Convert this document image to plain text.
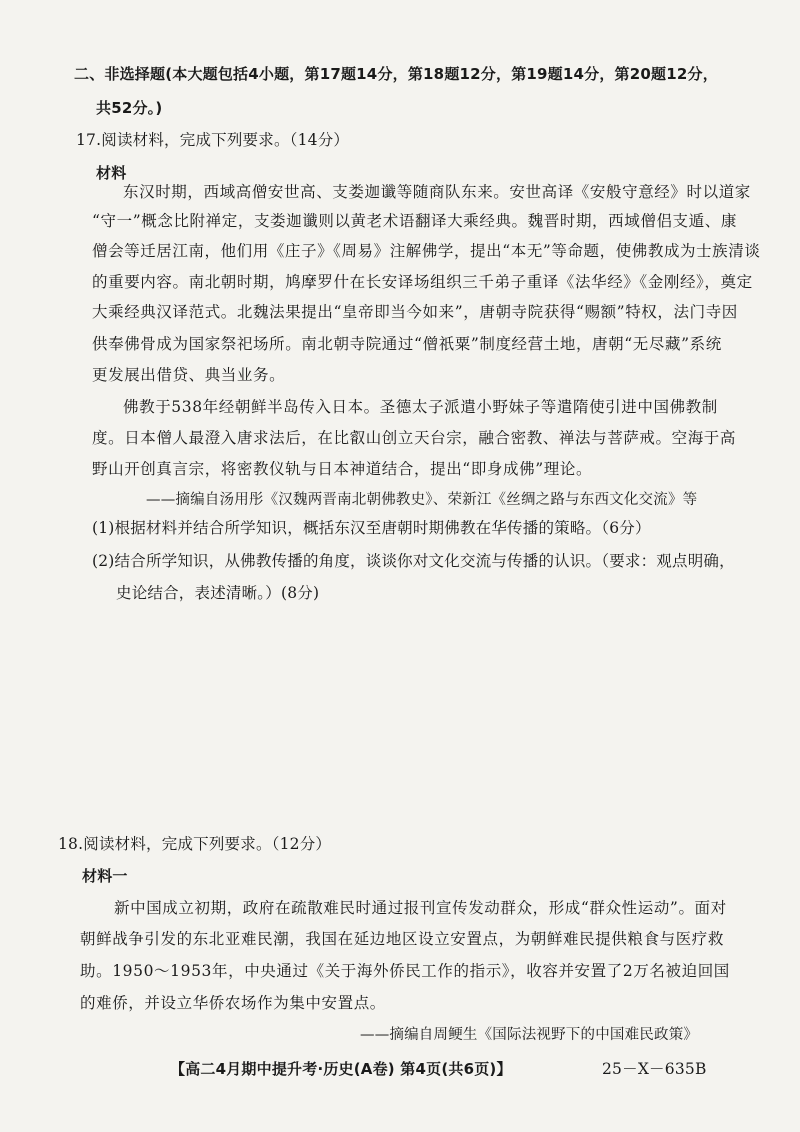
二、非选择题(本大题包括4小题，第17题14分，第18题12分，第19题14分，第20题12分，
共52分。)
17.阅读材料，完成下列要求。（14分）
材料
东汉时期，西域高僧安世高、支娄迦谶等随商队东来。安世高译《安般守意经》时以道家
“守一”概念比附禅定，支娄迦谶则以黄老术语翻译大乘经典。魏晋时期，西域僧侣支遁、康
僧会等迁居江南，他们用《庄子》《周易》注解佛学，提出“本无”等命题，使佛教成为士族清谈
的重要内容。南北朝时期，鸠摩罗什在长安译场组织三千弟子重译《法华经》《金刚经》，奠定
大乘经典汉译范式。北魏法果提出“皇帝即当今如来”，唐朝寺院获得“赐额”特权，法门寺因
供奉佛骨成为国家祭祀场所。南北朝寺院通过“僧祇粟”制度经营土地，唐朝“无尽藏”系统
更发展出借贷、典当业务。
佛教于538年经朝鲜半岛传入日本。圣德太子派遣小野妹子等遣隋使引进中国佛教制
度。日本僧人最澄入唐求法后，在比叡山创立天台宗，融合密教、禅法与菩萨戒。空海于高
野山开创真言宗，将密教仪轨与日本神道结合，提出“即身成佛”理论。
——摘编自汤用彤《汉魏两晋南北朝佛教史》、荣新江《丝绸之路与东西文化交流》等
(1)根据材料并结合所学知识，概括东汉至唐朝时期佛教在华传播的策略。（6分）
(2)结合所学知识，从佛教传播的角度，谈谈你对文化交流与传播的认识。（要求：观点明确，
史论结合，表述清晰。）(8分)
18.阅读材料，完成下列要求。（12分）
材料一
新中国成立初期，政府在疏散难民时通过报刊宣传发动群众，形成“群众性运动”。面对
朝鲜战争引发的东北亚难民潮，我国在延边地区设立安置点，为朝鲜难民提供粮食与医疗救
助。1950～1953年，中央通过《关于海外侨民工作的指示》，收容并安置了2万名被迫回国
的难侨，并设立华侨农场作为集中安置点。
——摘编自周鲠生《国际法视野下的中国难民政策》
【高二4月期中提升考·历史(A卷) 第4页(共6页)】	25－X－635B
